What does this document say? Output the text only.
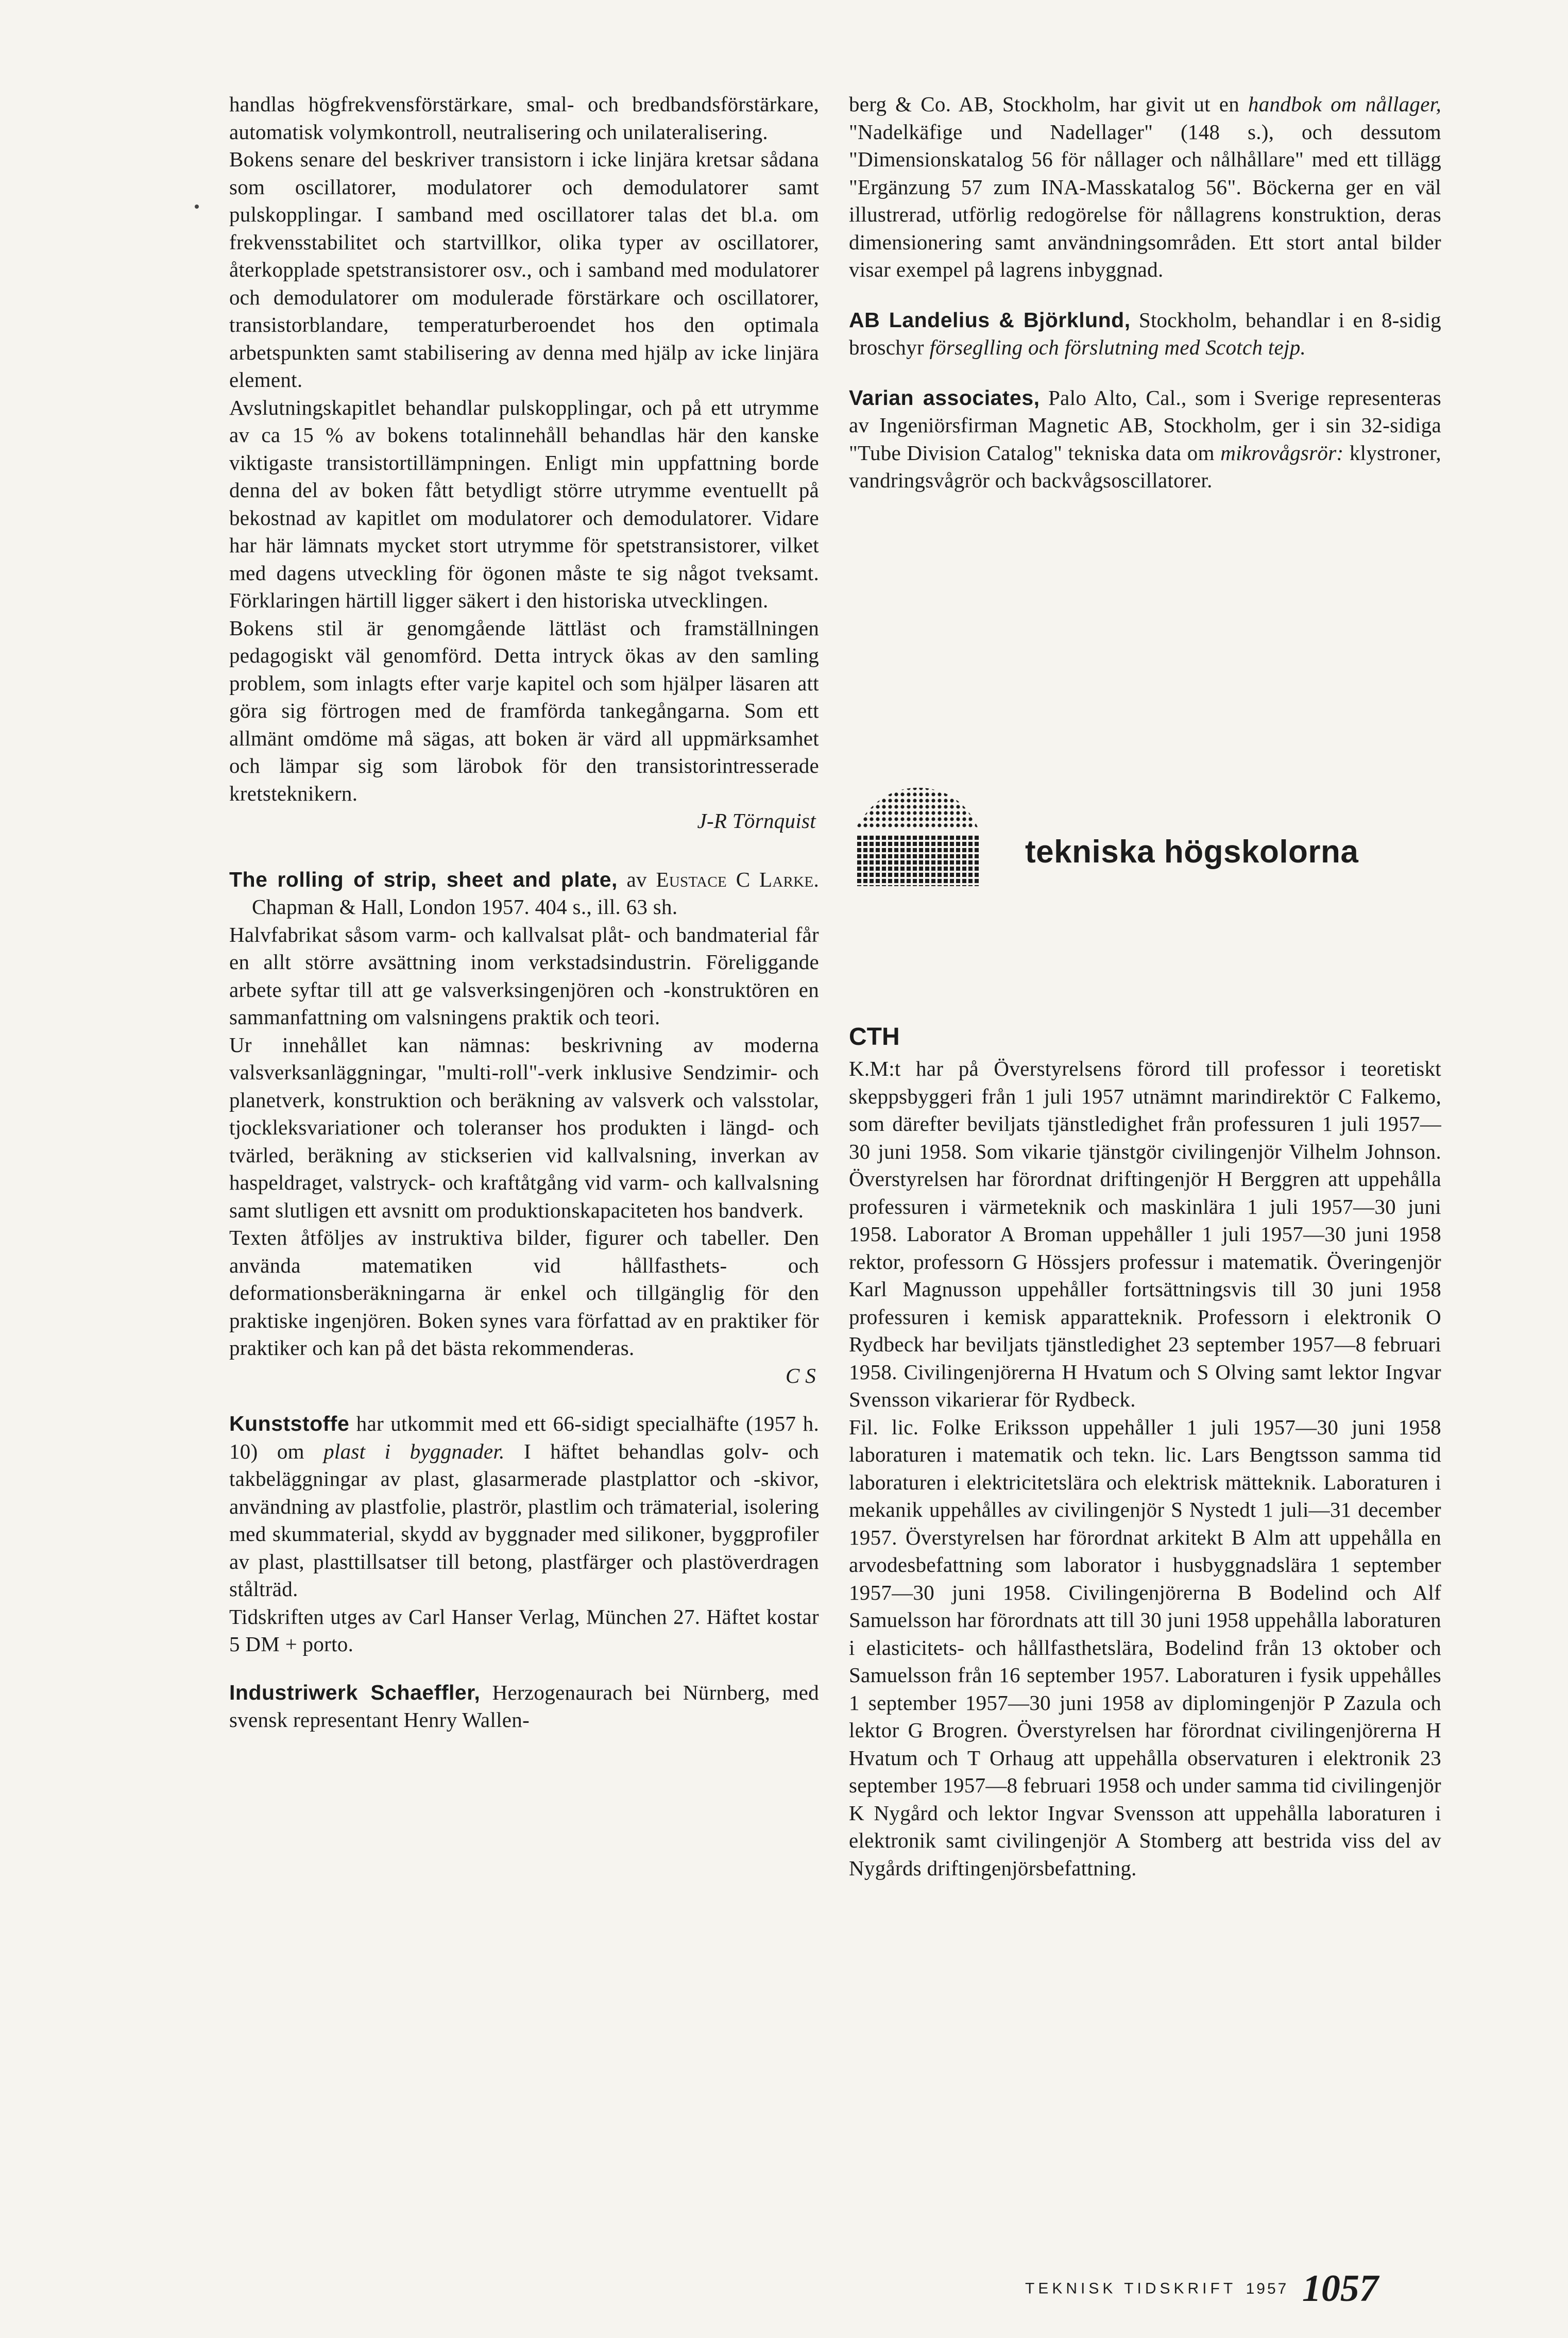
handlas högfrekvensförstärkare, smal- och bredbandsförstärkare, automatisk volymkontroll, neutralisering och unilateralisering.

Bokens senare del beskriver transistorn i icke linjära kretsar sådana som oscillatorer, modulatorer och demodulatorer samt pulskopplingar. I samband med oscillatorer talas det bl.a. om frekvensstabilitet och startvillkor, olika typer av oscillatorer, återkopplade spetstransistorer osv., och i samband med modulatorer och demodulatorer om modulerade förstärkare och oscillatorer, transistorblandare, temperaturberoendet hos den optimala arbetspunkten samt stabilisering av denna med hjälp av icke linjära element.

Avslutningskapitlet behandlar pulskopplingar, och på ett utrymme av ca 15 % av bokens totalinnehåll behandlas här den kanske viktigaste transistortillämpningen. Enligt min uppfattning borde denna del av boken fått betydligt större utrymme eventuellt på bekostnad av kapitlet om modulatorer och demodulatorer. Vidare har här lämnats mycket stort utrymme för spetstransistorer, vilket med dagens utveckling för ögonen måste te sig något tveksamt. Förklaringen härtill ligger säkert i den historiska utvecklingen.

Bokens stil är genomgående lättläst och framställningen pedagogiskt väl genomförd. Detta intryck ökas av den samling problem, som inlagts efter varje kapitel och som hjälper läsaren att göra sig förtrogen med de framförda tankegångarna. Som ett allmänt omdöme må sägas, att boken är värd all uppmärksamhet och lämpar sig som lärobok för den transistorintresserade kretsteknikern.

J-R Törnquist

The rolling of strip, sheet and plate, av Eustace C Larke. Chapman & Hall, London 1957. 404 s., ill. 63 sh.

Halvfabrikat såsom varm- och kallvalsat plåt- och bandmaterial får en allt större avsättning inom verkstadsindustrin. Föreliggande arbete syftar till att ge valsverksingenjören och -konstruktören en sammanfattning om valsningens praktik och teori.

Ur innehållet kan nämnas: beskrivning av moderna valsverksanläggningar, "multi-roll"-verk inklusive Sendzimir- och planetverk, konstruktion och beräkning av valsverk och valsstolar, tjockleksvariationer och toleranser hos produkten i längd- och tvärled, beräkning av stickserien vid kallvalsning, inverkan av haspeldraget, valstryck- och kraftåtgång vid varm- och kallvalsning samt slutligen ett avsnitt om produktionskapaciteten hos bandverk.

Texten åtföljes av instruktiva bilder, figurer och tabeller. Den använda matematiken vid hållfasthets- och deformationsberäkningarna är enkel och tillgänglig för den praktiske ingenjören. Boken synes vara författad av en praktiker för praktiker och kan på det bästa rekommenderas.

C S

Kunststoffe har utkommit med ett 66-sidigt specialhäfte (1957 h. 10) om plast i byggnader. I häftet behandlas golv- och takbeläggningar av plast, glasarmerade plastplattor och -skivor, användning av plastfolie, plaströr, plastlim och trämaterial, isolering med skummaterial, skydd av byggnader med silikoner, byggprofiler av plast, plasttillsatser till betong, plastfärger och plastöverdragen stålträd.

Tidskriften utges av Carl Hanser Verlag, München 27. Häftet kostar 5 DM + porto.

Industriwerk Schaeffler, Herzogenaurach bei Nürnberg, med svensk representant Henry Wallen-

berg & Co. AB, Stockholm, har givit ut en handbok om nållager, "Nadelkäfige und Nadellager" (148 s.), och dessutom "Dimensionskatalog 56 för nållager och nålhållare" med ett tillägg "Ergänzung 57 zum INA-Masskatalog 56". Böckerna ger en väl illustrerad, utförlig redogörelse för nållagrens konstruktion, deras dimensionering samt användningsområden. Ett stort antal bilder visar exempel på lagrens inbyggnad.

AB Landelius & Björklund, Stockholm, behandlar i en 8-sidig broschyr förseglling och förslutning med Scotch tejp.

Varian associates, Palo Alto, Cal., som i Sverige representeras av Ingeniörsfirman Magnetic AB, Stockholm, ger i sin 32-sidiga "Tube Division Catalog" tekniska data om mikrovågsrör: klystroner, vandringsvågrör och backvågsoscillatorer.

tekniska högskolorna
CTH

K.M:t har på Överstyrelsens förord till professor i teoretiskt skeppsbyggeri från 1 juli 1957 utnämnt marindirektör C Falkemo, som därefter beviljats tjänstledighet från professuren 1 juli 1957—30 juni 1958. Som vikarie tjänstgör civilingenjör Vilhelm Johnson. Överstyrelsen har förordnat driftingenjör H Berggren att uppehålla professuren i värmeteknik och maskinlära 1 juli 1957—30 juni 1958. Laborator A Broman uppehåller 1 juli 1957—30 juni 1958 rektor, professorn G Hössjers professur i matematik. Överingenjör Karl Magnusson uppehåller fortsättningsvis till 30 juni 1958 professuren i kemisk apparatteknik. Professorn i elektronik O Rydbeck har beviljats tjänstledighet 23 september 1957—8 februari 1958. Civilingenjörerna H Hvatum och S Olving samt lektor Ingvar Svensson vikarierar för Rydbeck.

Fil. lic. Folke Eriksson uppehåller 1 juli 1957—30 juni 1958 laboraturen i matematik och tekn. lic. Lars Bengtsson samma tid laboraturen i elektricitetslära och elektrisk mätteknik. Laboraturen i mekanik uppehålles av civilingenjör S Nystedt 1 juli—31 december 1957. Överstyrelsen har förordnat arkitekt B Alm att uppehålla en arvodesbefattning som laborator i husbyggnadslära 1 september 1957—30 juni 1958. Civilingenjörerna B Bodelind och Alf Samuelsson har förordnats att till 30 juni 1958 uppehålla laboraturen i elasticitets- och hållfasthetslära, Bodelind från 13 oktober och Samuelsson från 16 september 1957. Laboraturen i fysik uppehålles 1 september 1957—30 juni 1958 av diplomingenjör P Zazula och lektor G Brogren. Överstyrelsen har förordnat civilingenjörerna H Hvatum och T Orhaug att uppehålla observaturen i elektronik 23 september 1957—8 februari 1958 och under samma tid civilingenjör K Nygård och lektor Ingvar Svensson att uppehålla laboraturen i elektronik samt civilingenjör A Stomberg att bestrida viss del av Nygårds driftingenjörsbefattning.

TEKNISK TIDSKRIFT 1957 1057
